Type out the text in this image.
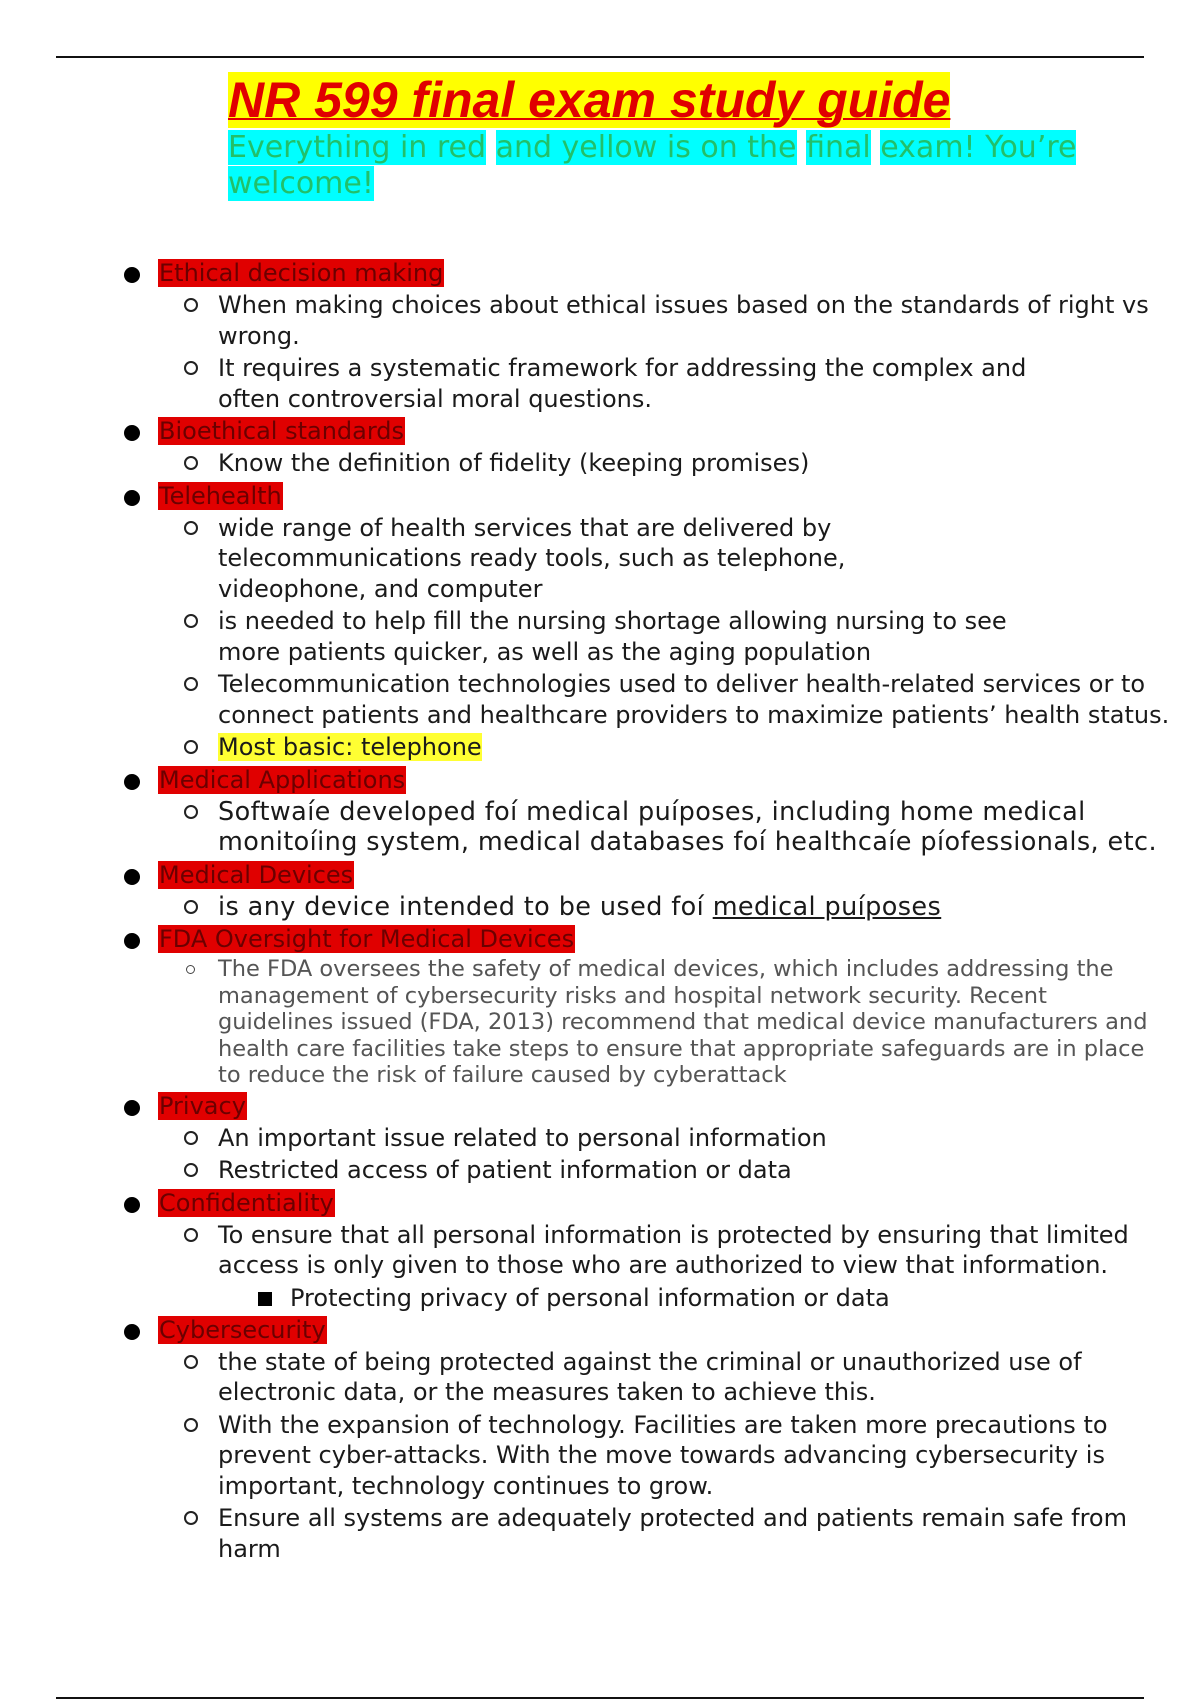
NR 599 final exam study guide
Everything in red and yellow is on the final exam! You’re welcome!
Ethical decision making
When making choices about ethical issues based on the standards of right vs wrong.
It requires a systematic framework for addressing the complex and often controversial moral questions.
Bioethical standards
Know the definition of fidelity (keeping promises)
Telehealth
wide range of health services that are delivered by telecommunications ready tools, such as telephone, videophone, and computer
is needed to help fill the nursing shortage allowing nursing to see more patients quicker, as well as the aging population
Telecommunication technologies used to deliver health-related services or to connect patients and healthcare providers to maximize patients’ health status.
Most basic: telephone
Medical Applications
Softwaíe developed foí medical puíposes, including home medical monitoíing system, medical databases foí healthcaíe píofessionals, etc.
Medical Devices
is any device intended to be used foí medical puíposes
FDA Oversight for Medical Devices
The FDA oversees the safety of medical devices, which includes addressing the management of cybersecurity risks and hospital network security. Recent guidelines issued (FDA, 2013) recommend that medical device manufacturers and health care facilities take steps to ensure that appropriate safeguards are in place to reduce the risk of failure caused by cyberattack
Privacy
An important issue related to personal information
Restricted access of patient information or data
Confidentiality
To ensure that all personal information is protected by ensuring that limited access is only given to those who are authorized to view that information.
Protecting privacy of personal information or data
Cybersecurity
the state of being protected against the criminal or unauthorized use of electronic data, or the measures taken to achieve this.
With the expansion of technology. Facilities are taken more precautions to prevent cyber-attacks. With the move towards advancing cybersecurity is important, technology continues to grow.
Ensure all systems are adequately protected and patients remain safe from harm
